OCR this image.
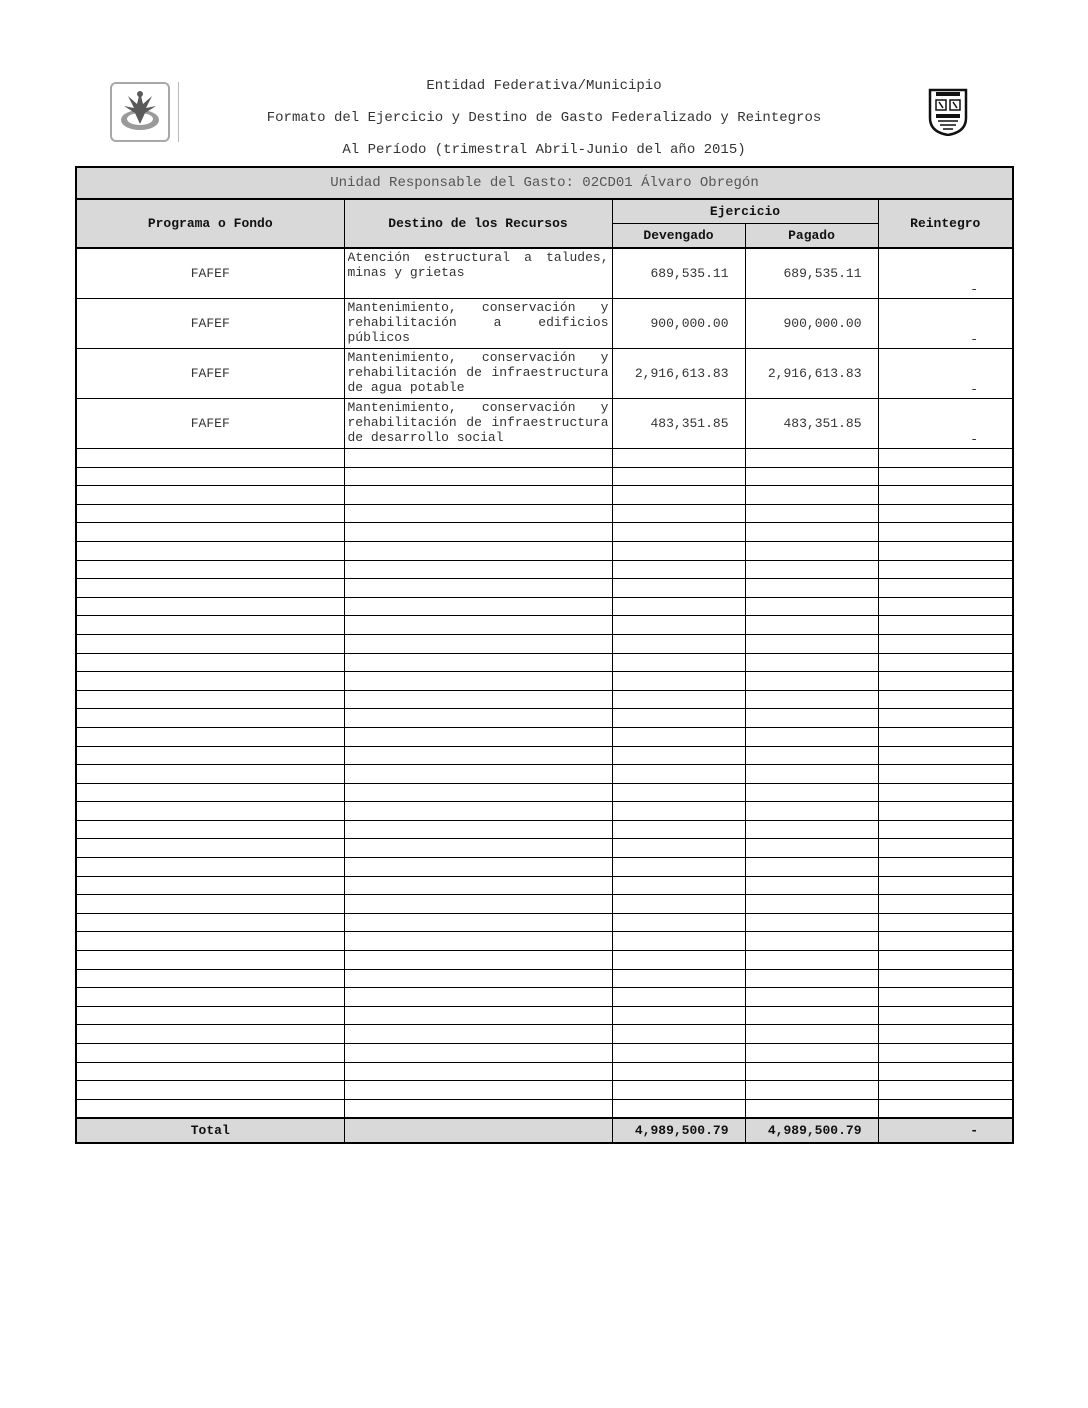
Entidad Federativa/Municipio
Formato del Ejercicio y Destino de Gasto Federalizado y Reintegros
Al Período (trimestral Abril-Junio del año 2015)
Unidad Responsable del Gasto: 02CD01 Álvaro Obregón				
Programa o Fondo	Destino de los Recursos	Ejercicio		Reintegro
		Devengado	Pagado	
FAFEF	Atención estructural a taludes, minas y grietas	689,535.11	689,535.11	-
FAFEF	Mantenimiento, conservación y rehabilitación a edificios públicos	900,000.00	900,000.00	-
FAFEF	Mantenimiento, conservación y rehabilitación de infraestructura de agua potable	2,916,613.83	2,916,613.83	-
FAFEF	Mantenimiento, conservación y rehabilitación de infraestructura de desarrollo social	483,351.85	483,351.85	-

Total		4,989,500.79	4,989,500.79	-
